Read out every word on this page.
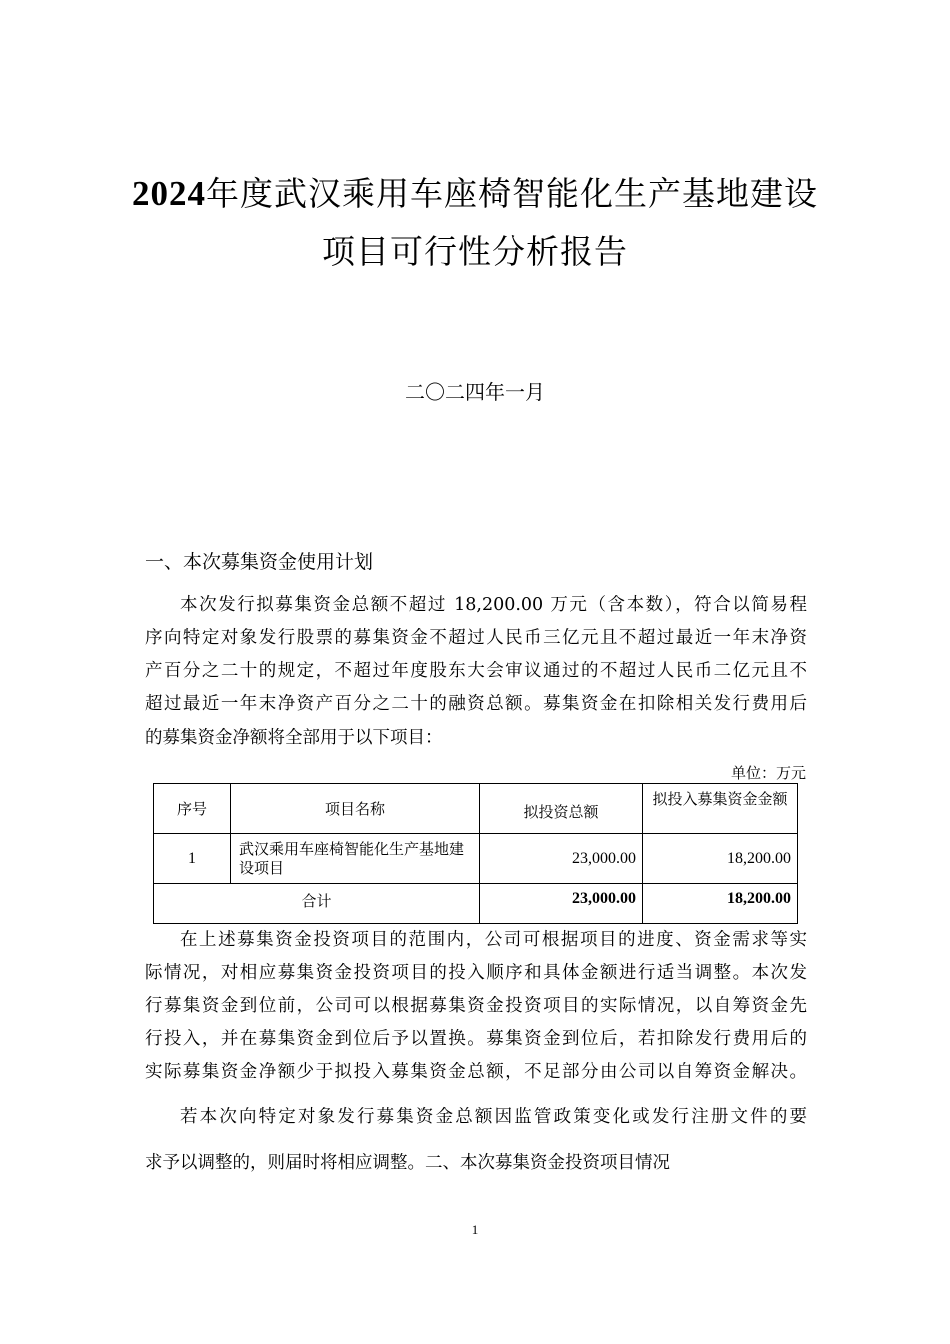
2024年度武汉乘用车座椅智能化生产基地建设
项目可行性分析报告
二〇二四年一月
一、本次募集资金使用计划
本次发行拟募集资金总额不超过 18,200.00 万元（含本数），符合以简易程
序向特定对象发行股票的募集资金不超过人民币三亿元且不超过最近一年末净资
产百分之二十的规定，不超过年度股东大会审议通过的不超过人民币二亿元且不
超过最近一年末净资产百分之二十的融资总额。募集资金在扣除相关发行费用后
的募集资金净额将全部用于以下项目：
单位：万元
序号	项目名称	拟投资总额	拟投入募集资金金额
1	武汉乘用车座椅智能化生产基地建设项目	23,000.00	18,200.00
合计		23,000.00	18,200.00
在上述募集资金投资项目的范围内，公司可根据项目的进度、资金需求等实
际情况，对相应募集资金投资项目的投入顺序和具体金额进行适当调整。本次发
行募集资金到位前，公司可以根据募集资金投资项目的实际情况，以自筹资金先
行投入，并在募集资金到位后予以置换。募集资金到位后，若扣除发行费用后的
实际募集资金净额少于拟投入募集资金总额，不足部分由公司以自筹资金解决。
若本次向特定对象发行募集资金总额因监管政策变化或发行注册文件的要
求予以调整的，则届时将相应调整。二、本次募集资金投资项目情况
1
